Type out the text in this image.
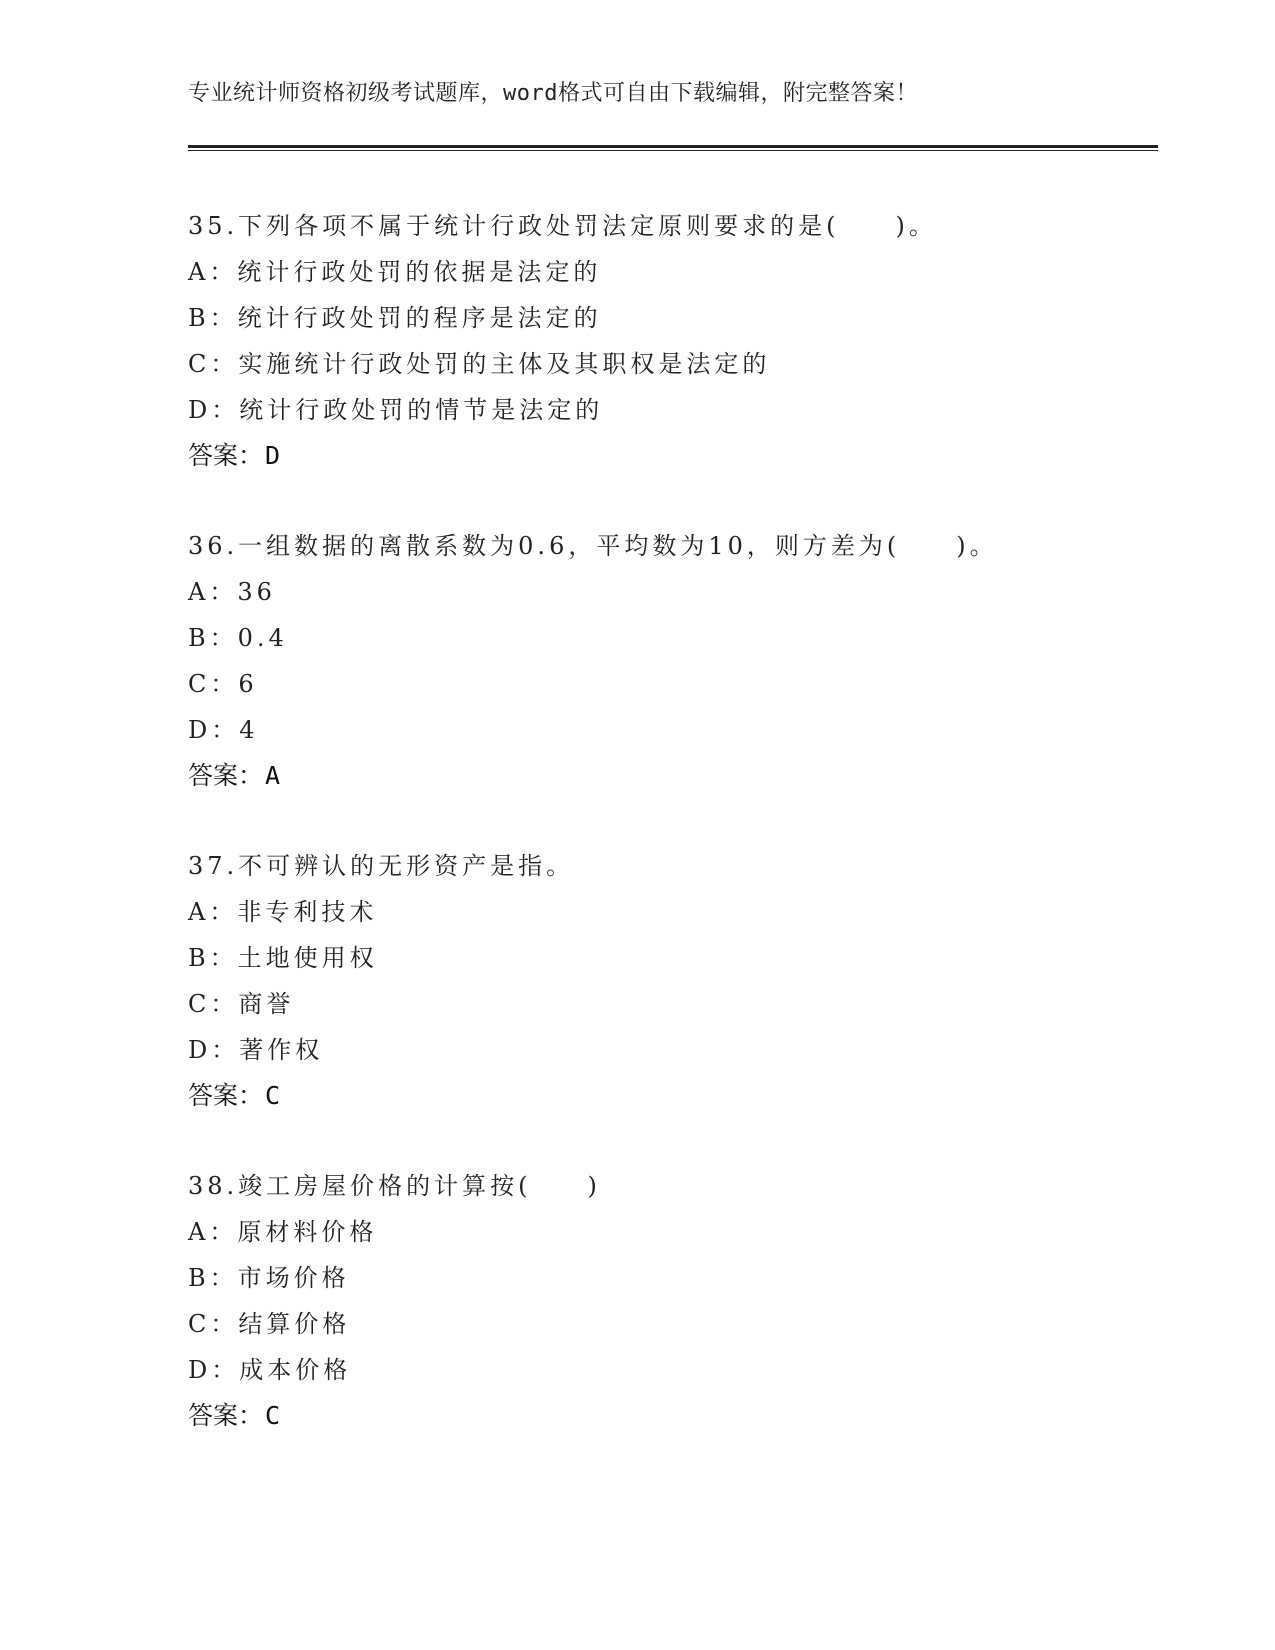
专业统计师资格初级考试题库，word格式可自由下载编辑，附完整答案！
35.下列各项不属于统计行政处罚法定原则要求的是(　　)。
A：统计行政处罚的依据是法定的
B：统计行政处罚的程序是法定的
C：实施统计行政处罚的主体及其职权是法定的
D：统计行政处罚的情节是法定的
答案：D
36.一组数据的离散系数为0.6，平均数为10，则方差为(　　)。
A：36
B：0.4
C：6
D：4
答案：A
37.不可辨认的无形资产是指。
A：非专利技术
B：土地使用权
C：商誉
D：著作权
答案：C
38.竣工房屋价格的计算按(　　)
A：原材料价格
B：市场价格
C：结算价格
D：成本价格
答案：C
